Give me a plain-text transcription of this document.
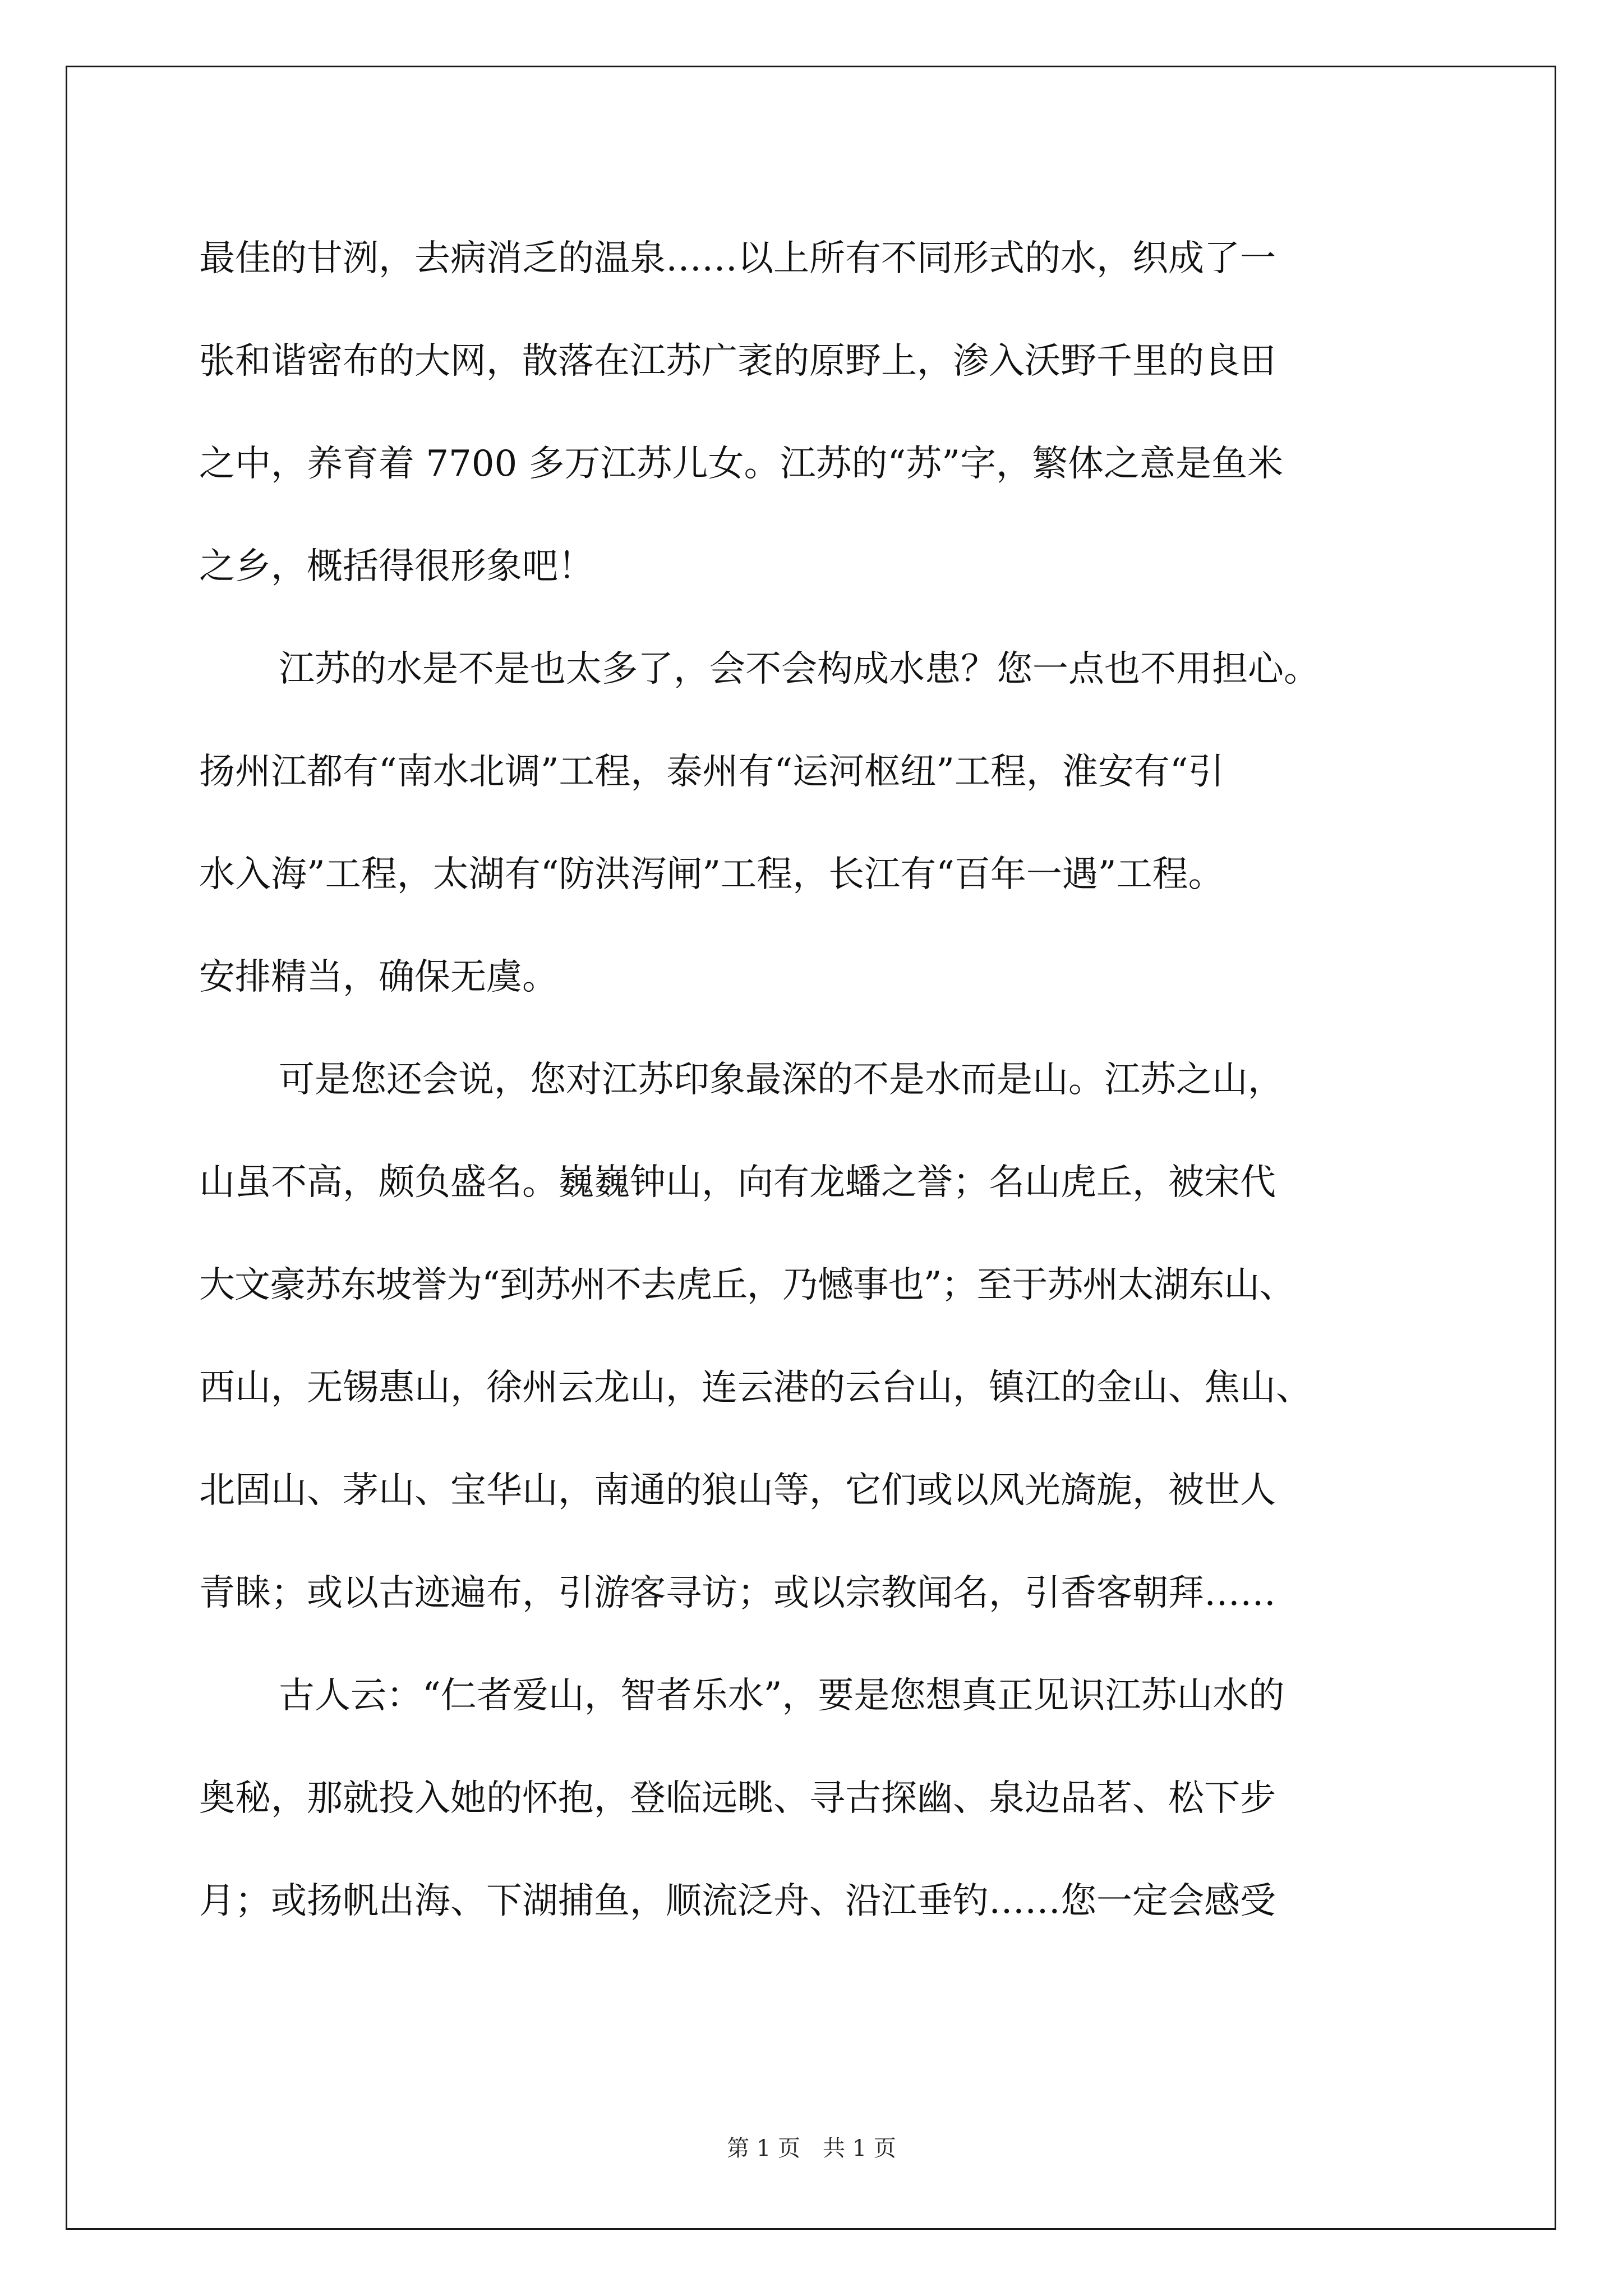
最佳的甘洌，去病消乏的温泉……以上所有不同形式的水，织成了一
张和谐密布的大网，散落在江苏广袤的原野上，渗入沃野千里的良田
之中，养育着 7700 多万江苏儿女。江苏的“苏”字，繁体之意是鱼米
之乡，概括得很形象吧！
江苏的水是不是也太多了，会不会构成水患？您一点也不用担心。
扬州江都有“南水北调”工程，泰州有“运河枢纽”工程，淮安有“引
水入海”工程，太湖有“防洪泻闸”工程，长江有“百年一遇”工程。
安排精当，确保无虞。
可是您还会说，您对江苏印象最深的不是水而是山。江苏之山，
山虽不高，颇负盛名。巍巍钟山，向有龙蟠之誉；名山虎丘，被宋代
大文豪苏东坡誉为“到苏州不去虎丘，乃憾事也”；至于苏州太湖东山、
西山，无锡惠山，徐州云龙山，连云港的云台山，镇江的金山、焦山、
北固山、茅山、宝华山，南通的狼山等，它们或以风光旖旎，被世人
青睐；或以古迹遍布，引游客寻访；或以宗教闻名，引香客朝拜……
古人云：“仁者爱山，智者乐水”，要是您想真正见识江苏山水的
奥秘，那就投入她的怀抱，登临远眺、寻古探幽、泉边品茗、松下步
月；或扬帆出海、下湖捕鱼，顺流泛舟、沿江垂钓……您一定会感受
第 1 页　共 1 页
